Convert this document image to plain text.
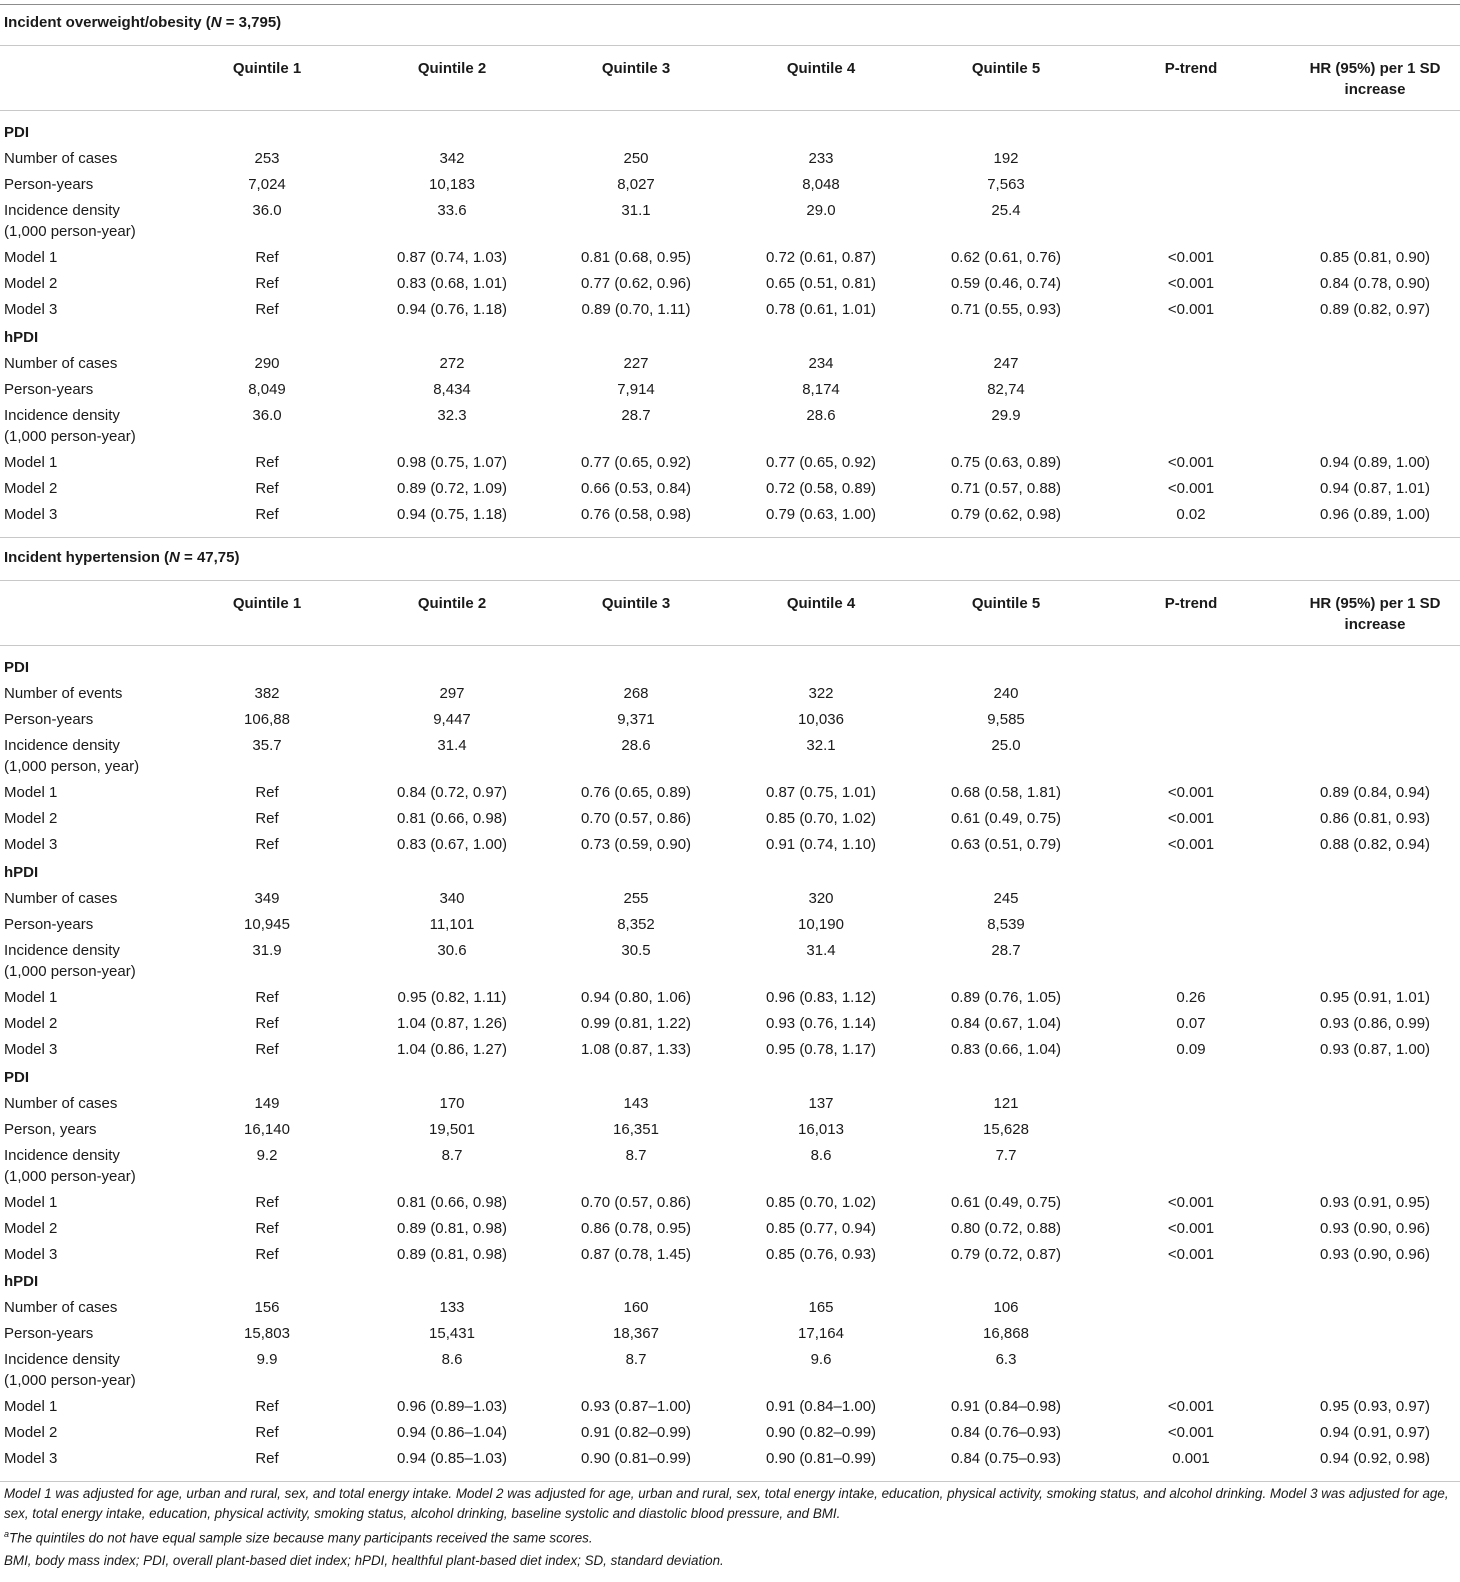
Incident overweight/obesity (N = 3,795)
Quintile 1	Quintile 2	Quintile 3	Quintile 4	Quintile 5	P-trend	HR (95%) per 1 SD increase
PDI
Number of cases	253	342	250	233	192
Person-years	7,024	10,183	8,027	8,048	7,563
Incidence density
(1,000 person-year)
36.0	33.6	31.1	29.0	25.4
Model 1	Ref	0.87 (0.74, 1.03)	0.81 (0.68, 0.95)	0.72 (0.61, 0.87)	0.62 (0.61, 0.76)	<0.001	0.85 (0.81, 0.90)
Model 2	Ref	0.83 (0.68, 1.01)	0.77 (0.62, 0.96)	0.65 (0.51, 0.81)	0.59 (0.46, 0.74)	<0.001	0.84 (0.78, 0.90)
Model 3	Ref	0.94 (0.76, 1.18)	0.89 (0.70, 1.11)	0.78 (0.61, 1.01)	0.71 (0.55, 0.93)	<0.001	0.89 (0.82, 0.97)
hPDI
Number of cases	290	272	227	234	247
Person-years	8,049	8,434	7,914	8,174	82,74
Incidence density
(1,000 person-year)
36.0	32.3	28.7	28.6	29.9
Model 1	Ref	0.98 (0.75, 1.07)	0.77 (0.65, 0.92)	0.77 (0.65, 0.92)	0.75 (0.63, 0.89)	<0.001	0.94 (0.89, 1.00)
Model 2	Ref	0.89 (0.72, 1.09)	0.66 (0.53, 0.84)	0.72 (0.58, 0.89)	0.71 (0.57, 0.88)	<0.001	0.94 (0.87, 1.01)
Model 3	Ref	0.94 (0.75, 1.18)	0.76 (0.58, 0.98)	0.79 (0.63, 1.00)	0.79 (0.62, 0.98)	0.02	0.96 (0.89, 1.00)
Incident hypertension (N = 47,75)
Quintile 1	Quintile 2	Quintile 3	Quintile 4	Quintile 5	P-trend	HR (95%) per 1 SD increase
PDI
Number of events	382	297	268	322	240
Person-years	106,88	9,447	9,371	10,036	9,585
Incidence density
(1,000 person, year)
35.7	31.4	28.6	32.1	25.0
Model 1	Ref	0.84 (0.72, 0.97)	0.76 (0.65, 0.89)	0.87 (0.75, 1.01)	0.68 (0.58, 1.81)	<0.001	0.89 (0.84, 0.94)
Model 2	Ref	0.81 (0.66, 0.98)	0.70 (0.57, 0.86)	0.85 (0.70, 1.02)	0.61 (0.49, 0.75)	<0.001	0.86 (0.81, 0.93)
Model 3	Ref	0.83 (0.67, 1.00)	0.73 (0.59, 0.90)	0.91 (0.74, 1.10)	0.63 (0.51, 0.79)	<0.001	0.88 (0.82, 0.94)
hPDI
Number of cases	349	340	255	320	245
Person-years	10,945	11,101	8,352	10,190	8,539
Incidence density
(1,000 person-year)
31.9	30.6	30.5	31.4	28.7
Model 1	Ref	0.95 (0.82, 1.11)	0.94 (0.80, 1.06)	0.96 (0.83, 1.12)	0.89 (0.76, 1.05)	0.26	0.95 (0.91, 1.01)
Model 2	Ref	1.04 (0.87, 1.26)	0.99 (0.81, 1.22)	0.93 (0.76, 1.14)	0.84 (0.67, 1.04)	0.07	0.93 (0.86, 0.99)
Model 3	Ref	1.04 (0.86, 1.27)	1.08 (0.87, 1.33)	0.95 (0.78, 1.17)	0.83 (0.66, 1.04)	0.09	0.93 (0.87, 1.00)
PDI
Number of cases	149	170	143	137	121
Person, years	16,140	19,501	16,351	16,013	15,628
Incidence density
(1,000 person-year)
9.2	8.7	8.7	8.6	7.7
Model 1	Ref	0.81 (0.66, 0.98)	0.70 (0.57, 0.86)	0.85 (0.70, 1.02)	0.61 (0.49, 0.75)	<0.001	0.93 (0.91, 0.95)
Model 2	Ref	0.89 (0.81, 0.98)	0.86 (0.78, 0.95)	0.85 (0.77, 0.94)	0.80 (0.72, 0.88)	<0.001	0.93 (0.90, 0.96)
Model 3	Ref	0.89 (0.81, 0.98)	0.87 (0.78, 1.45)	0.85 (0.76, 0.93)	0.79 (0.72, 0.87)	<0.001	0.93 (0.90, 0.96)
hPDI
Number of cases	156	133	160	165	106
Person-years	15,803	15,431	18,367	17,164	16,868
Incidence density
(1,000 person-year)
9.9	8.6	8.7	9.6	6.3
Model 1	Ref	0.96 (0.89–1.03)	0.93 (0.87–1.00)	0.91 (0.84–1.00)	0.91 (0.84–0.98)	<0.001	0.95 (0.93, 0.97)
Model 2	Ref	0.94 (0.86–1.04)	0.91 (0.82–0.99)	0.90 (0.82–0.99)	0.84 (0.76–0.93)	<0.001	0.94 (0.91, 0.97)
Model 3	Ref	0.94 (0.85–1.03)	0.90 (0.81–0.99)	0.90 (0.81–0.99)	0.84 (0.75–0.93)	0.001	0.94 (0.92, 0.98)
Model 1 was adjusted for age, urban and rural, sex, and total energy intake. Model 2 was adjusted for age, urban and rural, sex, total energy intake, education, physical activity, smoking status, and alcohol drinking. Model 3 was adjusted for age, sex, total energy intake, education, physical activity, smoking status, alcohol drinking, baseline systolic and diastolic blood pressure, and BMI.
$^a$The quintiles do not have equal sample size because many participants received the same scores.
BMI, body mass index; PDI, overall plant-based diet index; hPDI, healthful plant-based diet index; SD, standard deviation.
